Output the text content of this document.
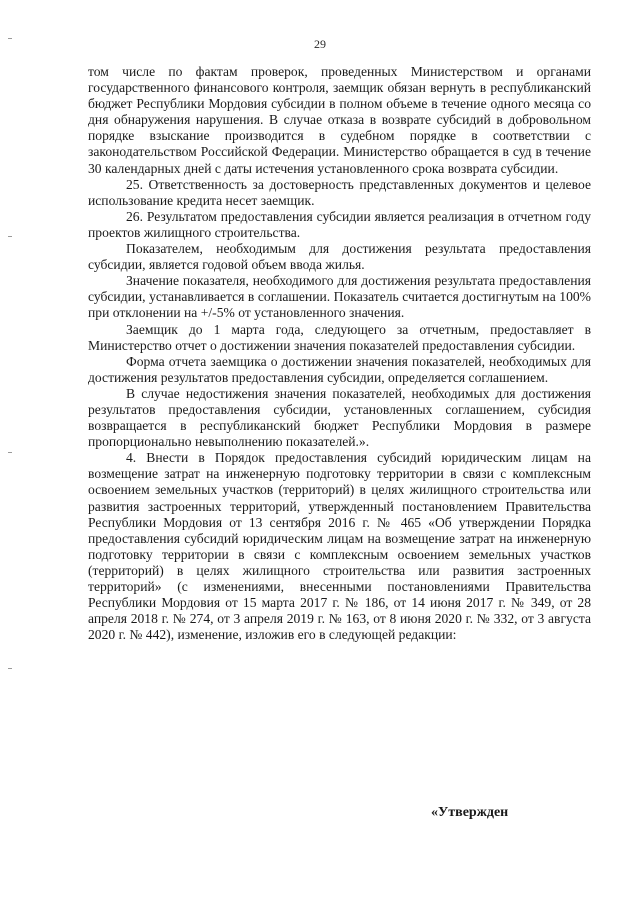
29

том числе по фактам проверок, проведенных Министерством и органами государственного финансового контроля, заемщик обязан вернуть в республиканский бюджет Республики Мордовия субсидии в полном объеме в течение одного месяца со дня обнаружения нарушения. В случае отказа в возврате субсидий в добровольном порядке взыскание производится в судебном порядке в соответствии с законодательством Российской Федерации. Министерство обращается в суд в течение 30 календарных дней с даты истечения установленного срока возврата субсидии.

25. Ответственность за достоверность представленных документов и целевое использование кредита несет заемщик.

26. Результатом предоставления субсидии является реализация в отчетном году проектов жилищного строительства.

Показателем, необходимым для достижения результата предоставления субсидии, является годовой объем ввода жилья.

Значение показателя, необходимого для достижения результата предоставления субсидии, устанавливается в соглашении. Показатель считается достигнутым на 100% при отклонении на +/-5% от установленного значения.

Заемщик до 1 марта года, следующего за отчетным, предоставляет в Министерство отчет о достижении значения показателей предоставления субсидии.

Форма отчета заемщика о достижении значения показателей, необходимых для достижения результатов предоставления субсидии, определяется соглашением.

В случае недостижения значения показателей, необходимых для достижения результатов предоставления субсидии, установленных соглашением, субсидия возвращается в республиканский бюджет Республики Мордовия в размере пропорционально невыполнению показателей.».

4. Внести в Порядок предоставления субсидий юридическим лицам на возмещение затрат на инженерную подготовку территории в связи с комплексным освоением земельных участков (территорий) в целях жилищного строительства или развития застроенных территорий, утвержденный постановлением Правительства Республики Мордовия от 13 сентября 2016 г. № 465 «Об утверждении Порядка предоставления субсидий юридическим лицам на возмещение затрат на инженерную подготовку территории в связи с комплексным освоением земельных участков (территорий) в целях жилищного строительства или развития застроенных территорий» (с изменениями, внесенными постановлениями Правительства Республики Мордовия от 15 марта 2017 г. № 186, от 14 июня 2017 г. № 349, от 28 апреля 2018 г. № 274, от 3 апреля 2019 г. № 163, от 8 июня 2020 г. № 332, от 3 августа 2020 г. № 442), изменение, изложив его в следующей редакции:

«Утвержден
